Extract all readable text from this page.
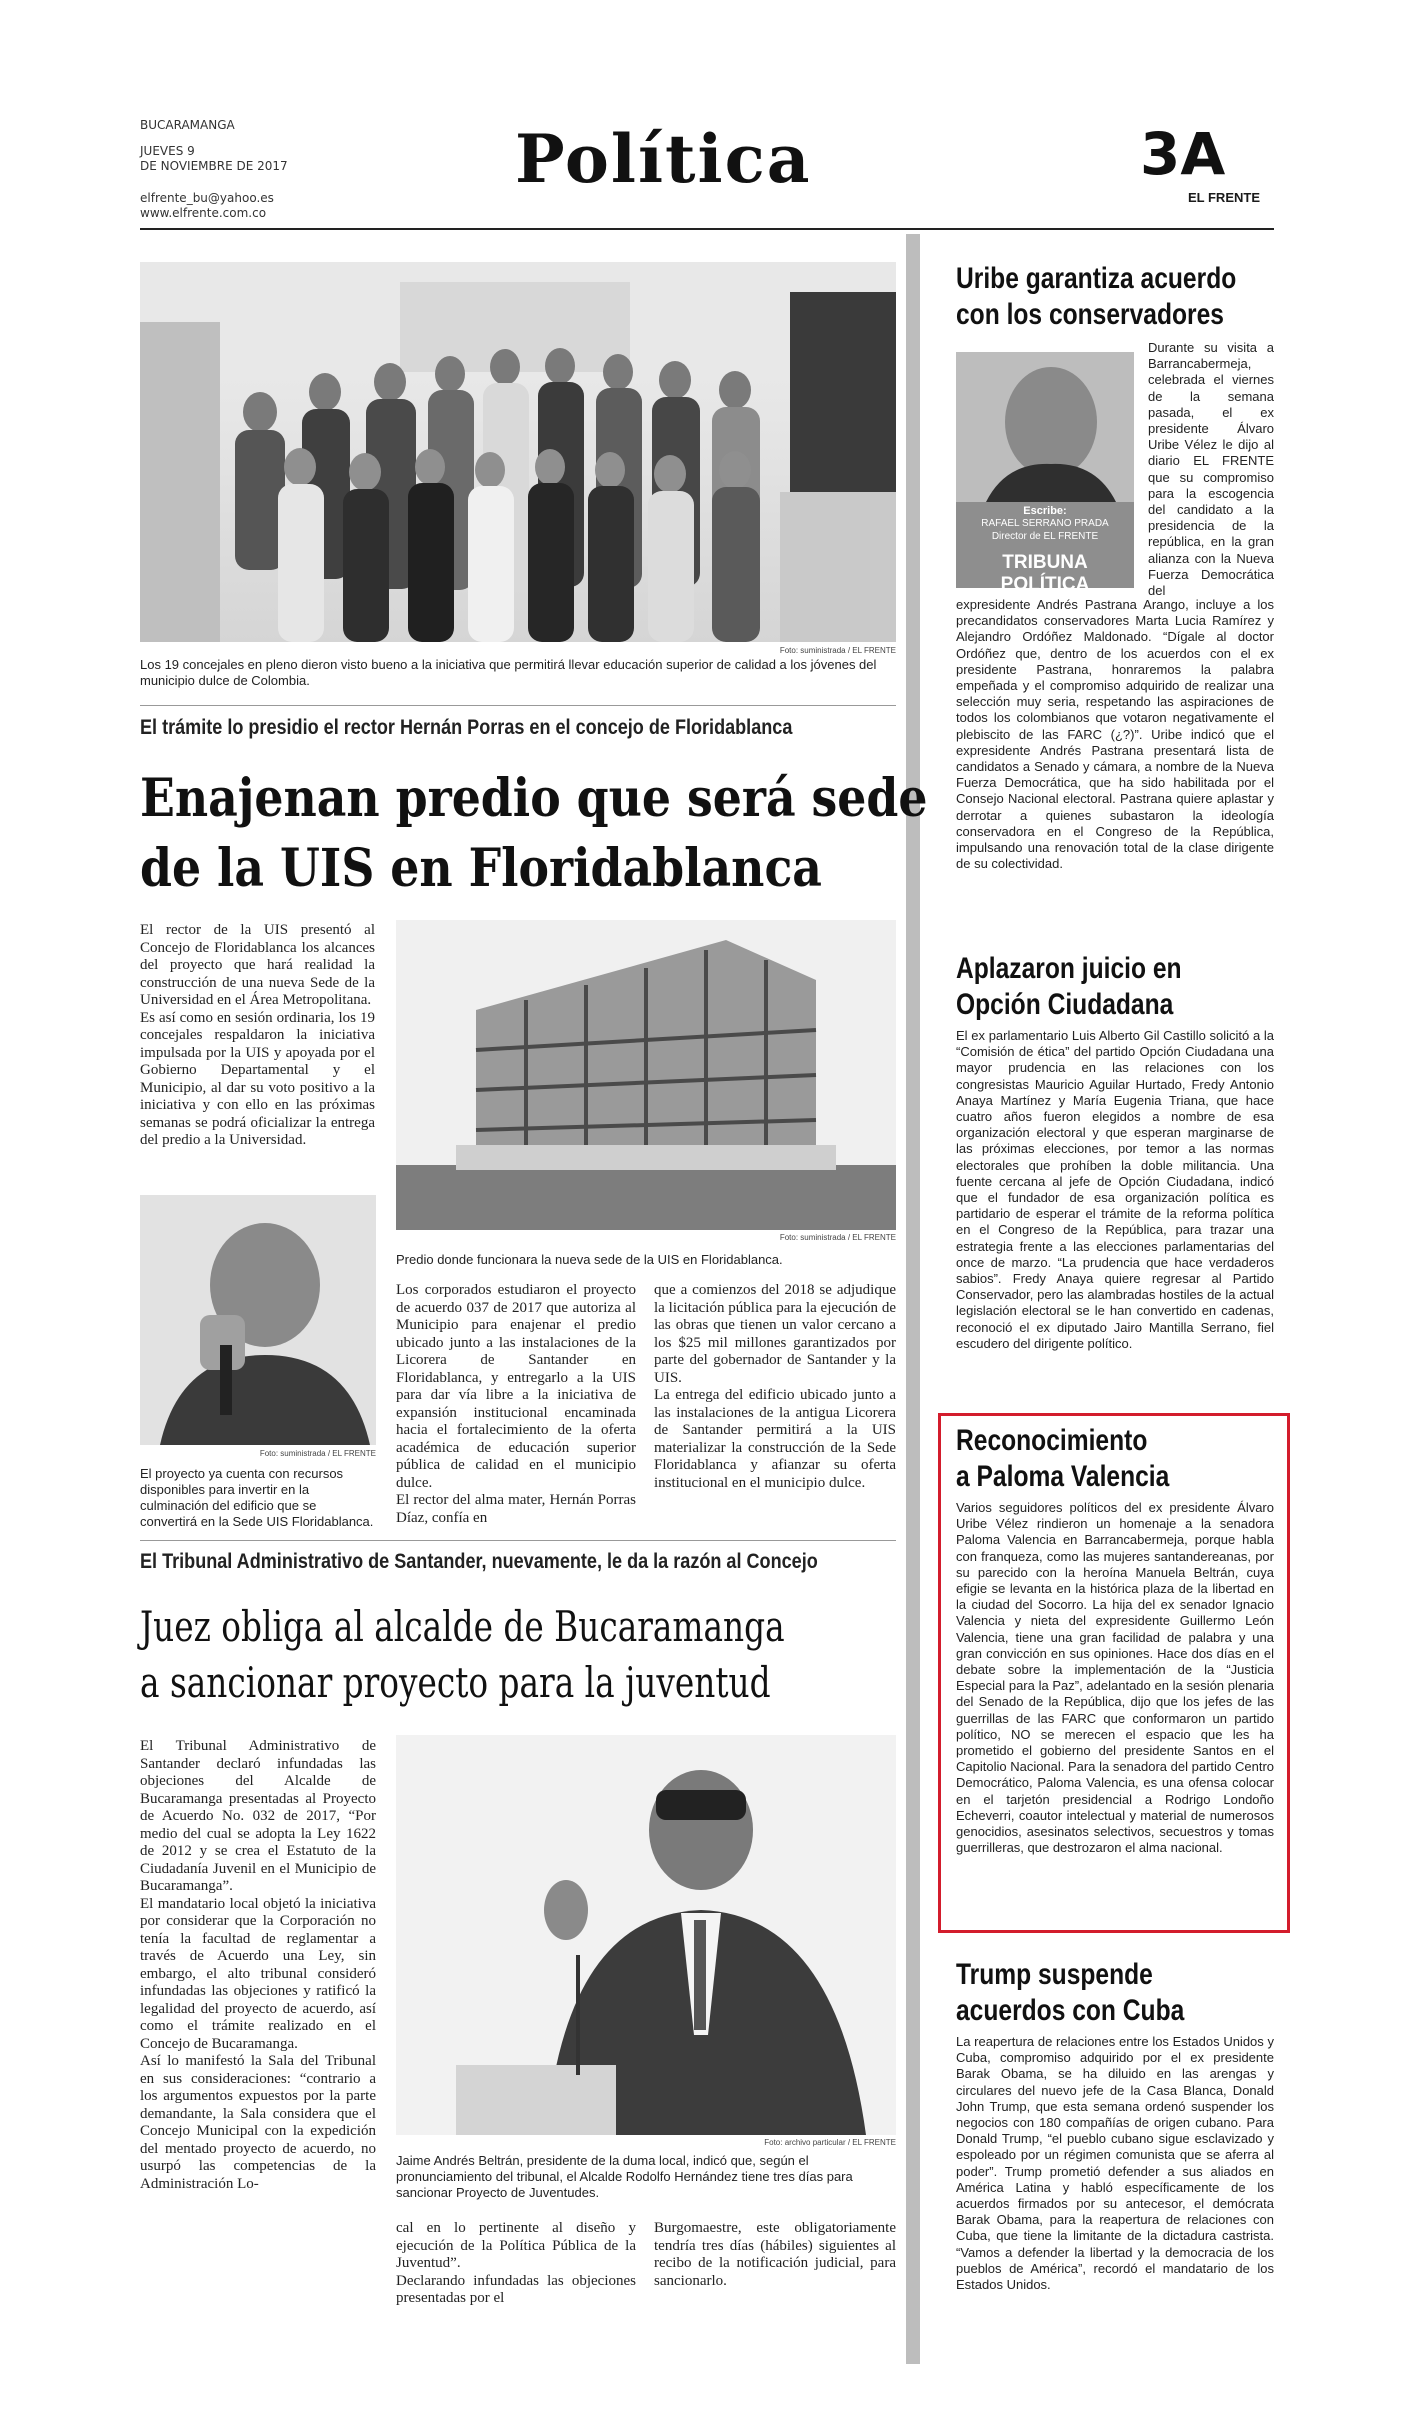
BUCARAMANGA
JUEVES 9
DE NOVIEMBRE DE 2017
elfrente_bu@yahoo.es
www.elfrente.com.co
Política	3A
EL FRENTE
Foto: suministrada / EL FRENTE
Los 19 concejales en pleno dieron visto bueno a la iniciativa que permitirá llevar educación superior de calidad a los jóvenes del municipio dulce de Colombia.
El trámite lo presidio el rector Hernán Porras en el concejo de Floridablanca
Enajenan predio que será sede
de la UIS en Floridablanca
El rector de la UIS presentó al Concejo de Floridablanca los alcances del proyecto que hará realidad la construcción de una nueva Sede de la Universidad en el Área Metropolitana.
Es así como en sesión ordinaria, los 19 concejales respaldaron la iniciativa impulsada por la UIS y apoyada por el Gobierno Departamental y el Municipio, al dar su voto positivo a la iniciativa y con ello en las próximas semanas se podrá oficializar la entrega del predio a la Universidad.
Foto: suministrada / EL FRENTE
Predio donde funcionara la nueva sede de la UIS en Floridablanca.
Foto: suministrada / EL FRENTE
El proyecto ya cuenta con recursos disponibles para invertir en la culminación del edificio que se convertirá en la Sede UIS Floridablanca.
Los corporados estudiaron el proyecto de acuerdo 037 de 2017 que autoriza al Municipio para enajenar el predio ubicado junto a las instalaciones de la Licorera de Santander en Floridablanca, y entregarlo a la UIS para dar vía libre a la iniciativa de expansión institucional encaminada hacia el fortalecimiento de la oferta académica de educación superior pública de calidad en el municipio dulce.
El rector del alma mater, Hernán Porras Díaz, confía en
que a comienzos del 2018 se adjudique la licitación pública para la ejecución de las obras que tienen un valor cercano a los $25 mil millones garantizados por parte del gobernador de Santander y la UIS.
La entrega del edificio ubicado junto a las instalaciones de la antigua Licorera de Santander permitirá a la UIS materializar la construcción de la Sede Floridablanca y afianzar su oferta institucional en el municipio dulce.
El Tribunal Administrativo de Santander, nuevamente, le da la razón al Concejo
Juez obliga al alcalde de Bucaramanga
a sancionar proyecto para la juventud
El Tribunal Administrativo de Santander declaró infundadas las objeciones del Alcalde de Bucaramanga presentadas al Proyecto de Acuerdo No. 032 de 2017, “Por medio del cual se adopta la Ley 1622 de 2012 y se crea el Estatuto de la Ciudadanía Juvenil en el Municipio de Bucaramanga”.
El mandatario local objetó la iniciativa por considerar que la Corporación no tenía la facultad de reglamentar a través de Acuerdo una Ley, sin embargo, el alto tribunal consideró infundadas las objeciones y ratificó la legalidad del proyecto de acuerdo, así como el trámite realizado en el Concejo de Bucaramanga.
Así lo manifestó la Sala del Tribunal en sus consideraciones: “contrario a los argumentos expuestos por la parte demandante, la Sala considera que el Concejo Municipal con la expedición del mentado proyecto de acuerdo, no usurpó las competencias de la Administración Lo-
Foto: archivo particular / EL FRENTE
Jaime Andrés Beltrán, presidente de la duma local, indicó que, según el pronunciamiento del tribunal, el Alcalde Rodolfo Hernández tiene tres días para sancionar Proyecto de Juventudes.
cal en lo pertinente al diseño y ejecución de la Política Pública de la Juventud”.
Declarando infundadas las objeciones presentadas por el
Burgomaestre, este obligatoriamente tendría tres días (hábiles) siguientes al recibo de la notificación judicial, para sancionarlo.
Uribe garantiza acuerdo
con los conservadores
Escribe:
RAFAEL SERRANO PRADA
Director de EL FRENTE
TRIBUNA POLÍTICA
Durante su visita a Barrancabermeja, celebrada el viernes de la semana pasada, el ex presidente Álvaro Uribe Vélez le dijo al diario EL FRENTE que su compromiso para la escogencia del candidato a la presidencia de la república, en la gran alianza con la Nueva Fuerza Democrática del
expresidente Andrés Pastrana Arango, incluye a los precandidatos conservadores Marta Lucia Ramírez y Alejandro Ordóñez Maldonado. “Dígale al doctor Ordóñez que, dentro de los acuerdos con el ex presidente Pastrana, honraremos la palabra empeñada y el compromiso adquirido de realizar una selección muy seria, respetando las aspiraciones de todos los colombianos que votaron negativamente el plebiscito de las FARC (¿?)”. Uribe indicó que el expresidente Andrés Pastrana presentará lista de candidatos a Senado y cámara, a nombre de la Nueva Fuerza Democrática, que ha sido habilitada por el Consejo Nacional electoral. Pastrana quiere aplastar y derrotar a quienes subastaron la ideología conservadora en el Congreso de la República, impulsando una renovación total de la clase dirigente de su colectividad.
Aplazaron juicio en
Opción Ciudadana
El ex parlamentario Luis Alberto Gil Castillo solicitó a la “Comisión de ética” del partido Opción Ciudadana una mayor prudencia en las relaciones con los congresistas Mauricio Aguilar Hurtado, Fredy Antonio Anaya Martínez y María Eugenia Triana, que hace cuatro años fueron elegidos a nombre de esa organización electoral y que esperan marginarse de las próximas elecciones, por temor a las normas electorales que prohíben la doble militancia. Una fuente cercana al jefe de Opción Ciudadana, indicó que el fundador de esa organización política es partidario de esperar el trámite de la reforma política en el Congreso de la República, para trazar una estrategia frente a las elecciones parlamentarias del once de marzo. “La prudencia que hace verdaderos sabios”. Fredy Anaya quiere regresar al Partido Conservador, pero las alambradas hostiles de la actual legislación electoral se le han convertido en cadenas, reconoció el ex diputado Jairo Mantilla Serrano, fiel escudero del dirigente político.
Reconocimiento
a Paloma Valencia
Varios seguidores políticos del ex presidente Álvaro Uribe Vélez rindieron un homenaje a la senadora Paloma Valencia en Barrancabermeja, porque habla con franqueza, como las mujeres santandereanas, por su parecido con la heroína Manuela Beltrán, cuya efigie se levanta en la histórica plaza de la libertad en la ciudad del Socorro. La hija del ex senador Ignacio Valencia y nieta del expresidente Guillermo León Valencia, tiene una gran facilidad de palabra y una gran convicción en sus opiniones. Hace dos días en el debate sobre la implementación de la “Justicia Especial para la Paz”, adelantado en la sesión plenaria del Senado de la República, dijo que los jefes de las guerrillas de las FARC que conformaron un partido político, NO se merecen el espacio que les ha prometido el gobierno del presidente Santos en el Capitolio Nacional. Para la senadora del partido Centro Democrático, Paloma Valencia, es una ofensa colocar en el tarjetón presidencial a Rodrigo Londoño Echeverri, coautor intelectual y material de numerosos genocidios, asesinatos selectivos, secuestros y tomas guerrilleras, que destrozaron el alma nacional.
Trump suspende
acuerdos con Cuba
La reapertura de relaciones entre los Estados Unidos y Cuba, compromiso adquirido por el ex presidente Barak Obama, se ha diluido en las arengas y circulares del nuevo jefe de la Casa Blanca, Donald John Trump, que esta semana ordenó suspender los negocios con 180 compañías de origen cubano. Para Donald Trump, “el pueblo cubano sigue esclavizado y espoleado por un régimen comunista que se aferra al poder”. Trump prometió defender a sus aliados en América Latina y habló específicamente de los acuerdos firmados por su antecesor, el demócrata Barak Obama, para la reapertura de relaciones con Cuba, que tiene la limitante de la dictadura castrista. “Vamos a defender la libertad y la democracia de los pueblos de América”, recordó el mandatario de los Estados Unidos.
